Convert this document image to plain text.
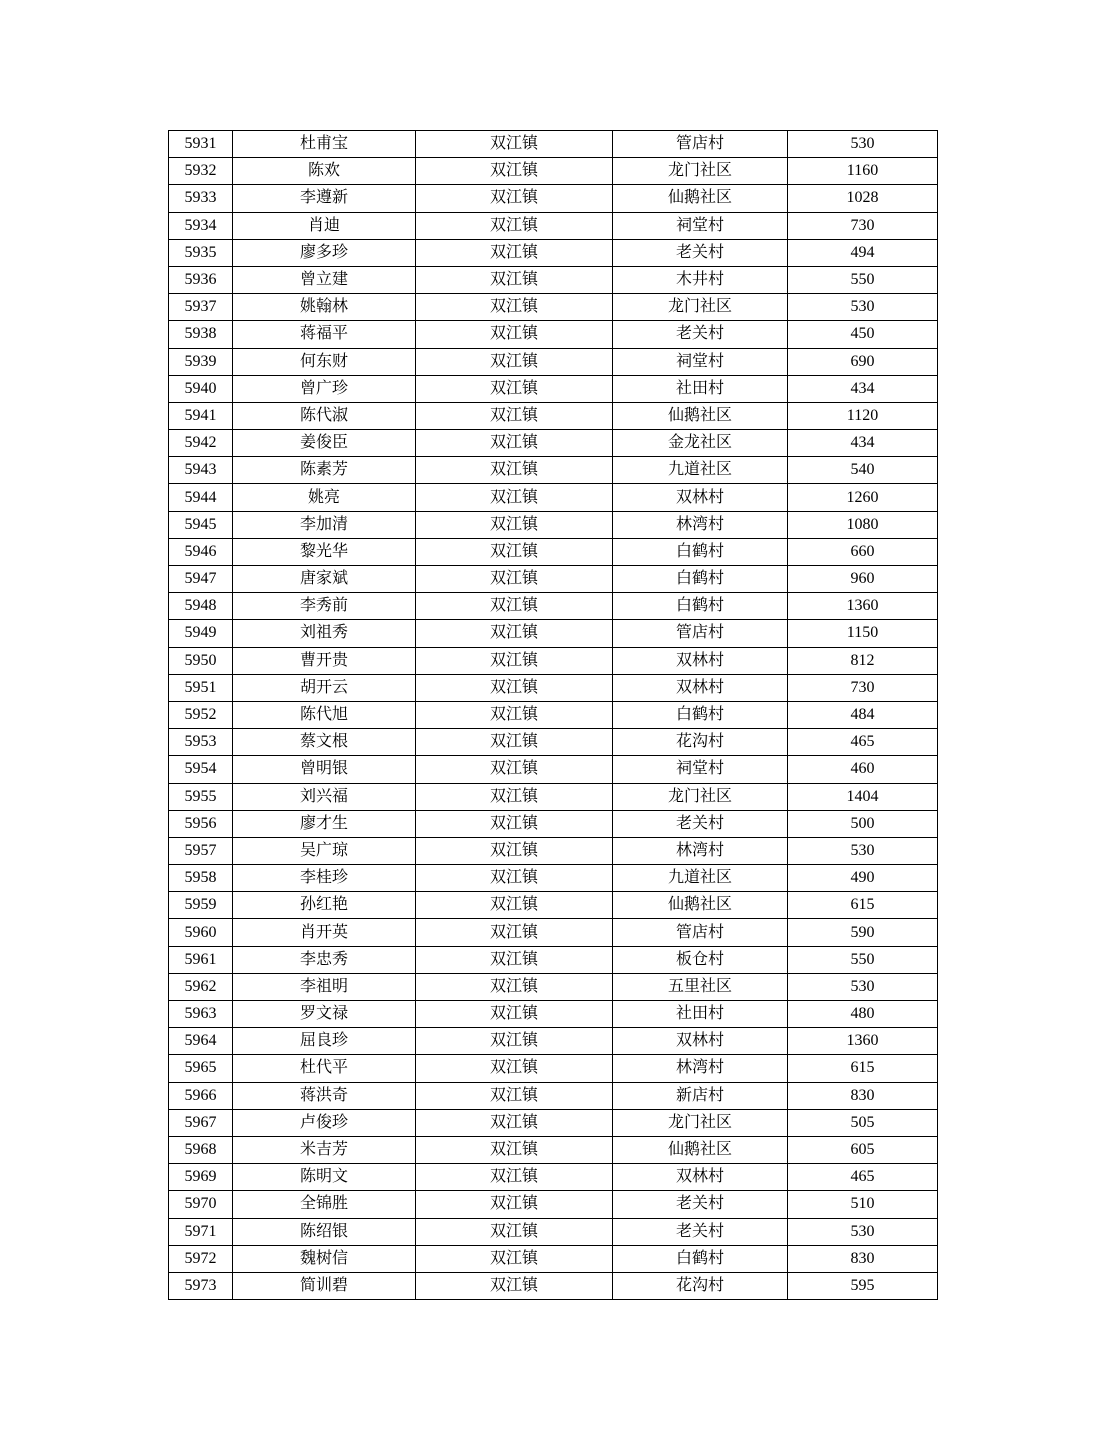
5931	杜甫宝	双江镇	管店村	530
5932	陈欢	双江镇	龙门社区	1160
5933	李遵新	双江镇	仙鹅社区	1028
5934	肖迪	双江镇	祠堂村	730
5935	廖多珍	双江镇	老关村	494
5936	曾立建	双江镇	木井村	550
5937	姚翰林	双江镇	龙门社区	530
5938	蒋福平	双江镇	老关村	450
5939	何东财	双江镇	祠堂村	690
5940	曾广珍	双江镇	社田村	434
5941	陈代淑	双江镇	仙鹅社区	1120
5942	姜俊臣	双江镇	金龙社区	434
5943	陈素芳	双江镇	九道社区	540
5944	姚亮	双江镇	双林村	1260
5945	李加清	双江镇	林湾村	1080
5946	黎光华	双江镇	白鹤村	660
5947	唐家斌	双江镇	白鹤村	960
5948	李秀前	双江镇	白鹤村	1360
5949	刘祖秀	双江镇	管店村	1150
5950	曹开贵	双江镇	双林村	812
5951	胡开云	双江镇	双林村	730
5952	陈代旭	双江镇	白鹤村	484
5953	蔡文根	双江镇	花沟村	465
5954	曾明银	双江镇	祠堂村	460
5955	刘兴福	双江镇	龙门社区	1404
5956	廖才生	双江镇	老关村	500
5957	吴广琼	双江镇	林湾村	530
5958	李桂珍	双江镇	九道社区	490
5959	孙红艳	双江镇	仙鹅社区	615
5960	肖开英	双江镇	管店村	590
5961	李忠秀	双江镇	板仓村	550
5962	李祖明	双江镇	五里社区	530
5963	罗文禄	双江镇	社田村	480
5964	屈良珍	双江镇	双林村	1360
5965	杜代平	双江镇	林湾村	615
5966	蒋洪奇	双江镇	新店村	830
5967	卢俊珍	双江镇	龙门社区	505
5968	米吉芳	双江镇	仙鹅社区	605
5969	陈明文	双江镇	双林村	465
5970	全锦胜	双江镇	老关村	510
5971	陈绍银	双江镇	老关村	530
5972	魏树信	双江镇	白鹤村	830
5973	简训碧	双江镇	花沟村	595
